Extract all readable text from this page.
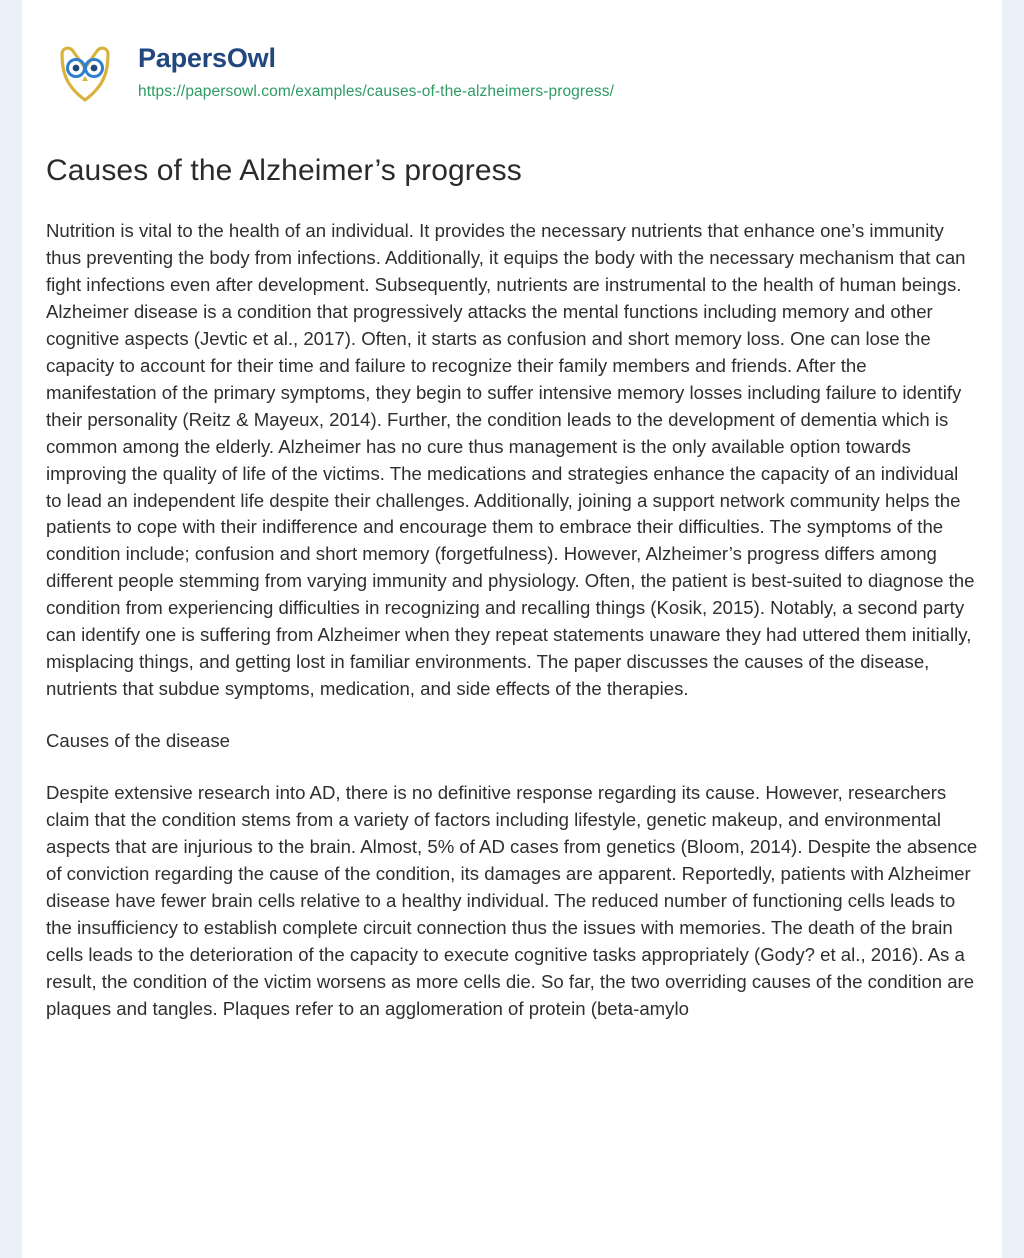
PapersOwl
https://papersowl.com/examples/causes-of-the-alzheimers-progress/
Causes of the Alzheimer’s progress

Nutrition is vital to the health of an individual. It provides the necessary nutrients that enhance one’s immunity thus preventing the body from infections. Additionally, it equips the body with the necessary mechanism that can fight infections even after development. Subsequently, nutrients are instrumental to the health of human beings. Alzheimer disease is a condition that progressively attacks the mental functions including memory and other cognitive aspects (Jevtic et al., 2017). Often, it starts as confusion and short memory loss. One can lose the capacity to account for their time and failure to recognize their family members and friends. After the manifestation of the primary symptoms, they begin to suffer intensive memory losses including failure to identify their personality (Reitz & Mayeux, 2014). Further, the condition leads to the development of dementia which is common among the elderly. Alzheimer has no cure thus management is the only available option towards improving the quality of life of the victims. The medications and strategies enhance the capacity of an individual to lead an independent life despite their challenges. Additionally, joining a support network community helps the patients to cope with their indifference and encourage them to embrace their difficulties. The symptoms of the condition include; confusion and short memory (forgetfulness). However, Alzheimer’s progress differs among different people stemming from varying immunity and physiology. Often, the patient is best-suited to diagnose the condition from experiencing difficulties in recognizing and recalling things (Kosik, 2015). Notably, a second party can identify one is suffering from Alzheimer when they repeat statements unaware they had uttered them initially, misplacing things, and getting lost in familiar environments. The paper discusses the causes of the disease, nutrients that subdue symptoms, medication, and side effects of the therapies.

Causes of the disease

Despite extensive research into AD, there is no definitive response regarding its cause. However, researchers claim that the condition stems from a variety of factors including lifestyle, genetic makeup, and environmental aspects that are injurious to the brain. Almost, 5% of AD cases from genetics (Bloom, 2014). Despite the absence of conviction regarding the cause of the condition, its damages are apparent. Reportedly, patients with Alzheimer disease have fewer brain cells relative to a healthy individual. The reduced number of functioning cells leads to the insufficiency to establish complete circuit connection thus the issues with memories. The death of the brain cells leads to the deterioration of the capacity to execute cognitive tasks appropriately (Gody? et al., 2016). As a result, the condition of the victim worsens as more cells die. So far, the two overriding causes of the condition are plaques and tangles. Plaques refer to an agglomeration of protein (beta-amylo
